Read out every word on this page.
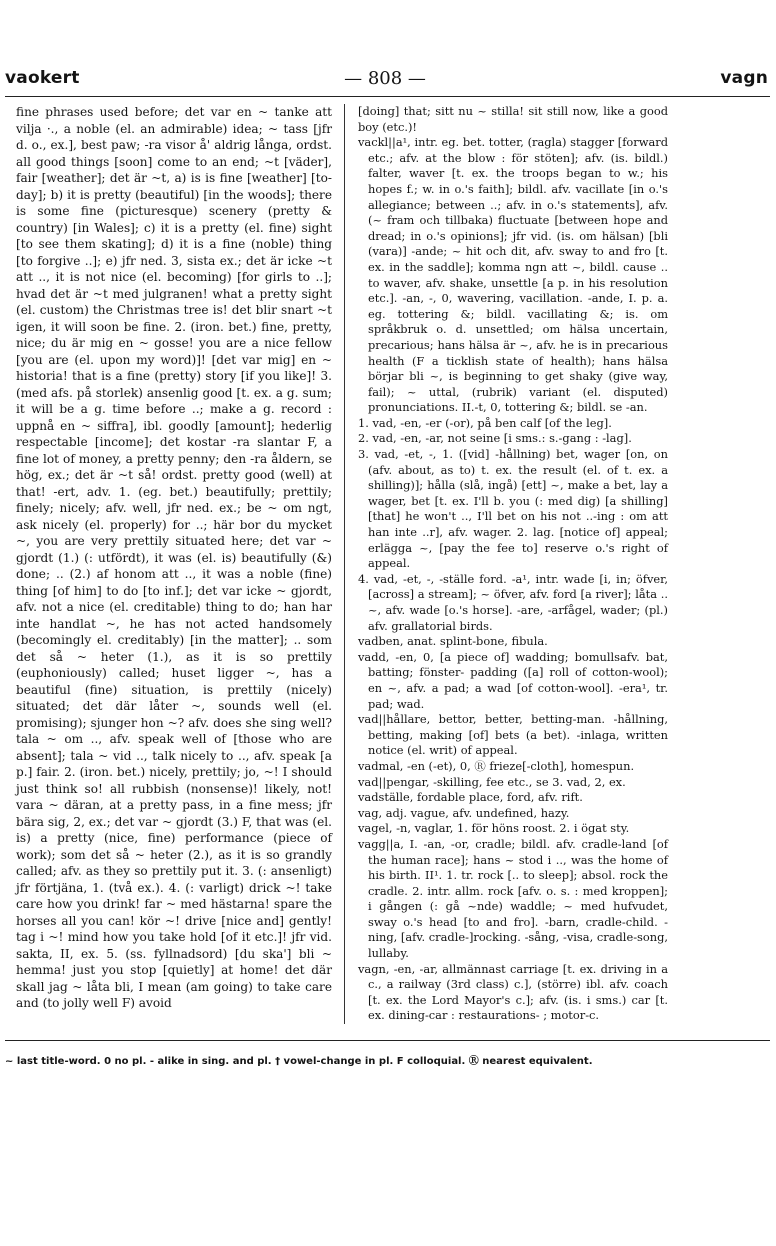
vaokert	— 808 —	vagn

fine phrases used before; det var en ~ tanke att vilja ·., a noble (el. an admirable) idea; ~ tass [jfr d. o., ex.], best paw; -ra visor å' aldrig långa, ordst. all good things [soon] come to an end; ~t [väder], fair [weather]; det är ~t, a) is is fine [weather] [to-day]; b) it is pretty (beautiful) [in the woods]; there is some fine (picturesque) scenery (pretty & country) [in Wales]; c) it is a pretty (el. fine) sight [to see them skating]; d) it is a fine (noble) thing [to forgive ..]; e) jfr ned. 3, sista ex.; det är icke ~t att .., it is not nice (el. becoming) [for girls to ..]; hvad det är ~t med julgranen! what a pretty sight (el. custom) the Christmas tree is! det blir snart ~t igen, it will soon be fine. 2. (iron. bet.) fine, pretty, nice; du är mig en ~ gosse! you are a nice fellow [you are (el. upon my word)]! [det var mig] en ~ historia! that is a fine (pretty) story [if you like]! 3. (med afs. på storlek) ansenlig good [t. ex. a g. sum; it will be a g. time before ..; make a g. record : uppnå en ~ siffra], ibl. goodly [amount]; hederlig respectable [income]; det kostar -ra slantar F, a fine lot of money, a pretty penny; den -ra åldern, se hög, ex.; det är ~t så! ordst. pretty good (well) at that! -ert, adv. 1. (eg. bet.) beautifully; prettily; finely; nicely; afv. well, jfr ned. ex.; be ~ om ngt, ask nicely (el. properly) for ..; här bor du mycket ~, you are very prettily situated here; det var ~ gjordt (1.) (: utfördt), it was (el. is) beautifully (&) done; .. (2.) af honom att .., it was a noble (fine) thing [of him] to do [to inf.]; det var icke ~ gjordt, afv. not a nice (el. creditable) thing to do; han har inte handlat ~, he has not acted handsomely (becomingly el. creditably) [in the matter]; .. som det så ~ heter (1.), as it is so prettily (euphoniously) called; huset ligger ~, has a beautiful (fine) situation, is prettily (nicely) situated; det där låter ~, sounds well (el. promising); sjunger hon ~? afv. does she sing well? tala ~ om .., afv. speak well of [those who are absent]; tala ~ vid .., talk nicely to .., afv. speak [a p.] fair. 2. (iron. bet.) nicely, prettily; jo, ~! I should just think so! all rubbish (nonsense)! likely, not! vara ~ däran, at a pretty pass, in a fine mess; jfr bära sig, 2, ex.; det var ~ gjordt (3.) F, that was (el. is) a pretty (nice, fine) performance (piece of work); som det så ~ heter (2.), as it is so grandly called; afv. as they so prettily put it. 3. (: ansenligt) jfr förtjäna, 1. (två ex.). 4. (: varligt) drick ~! take care how you drink! far ~ med hästarna! spare the horses all you can! kör ~! drive [nice and] gently! tag i ~! mind how you take hold [of it etc.]! jfr vid. sakta, II, ex. 5. (ss. fyllnadsord) [du ska'] bli ~ hemma! just you stop [quietly] at home! det där skall jag ~ låta bli, I mean (am going) to take care and (to jolly well F) avoid

[doing] that; sitt nu ~ stilla! sit still now, like a good boy (etc.)!

vackl||a¹, intr. eg. bet. totter, (ragla) stagger [forward etc.; afv. at the blow : för stöten]; afv. (is. bildl.) falter, waver [t. ex. the troops began to w.; his hopes f.; w. in o.'s faith]; bildl. afv. vacillate [in o.'s allegiance; between ..; afv. in o.'s statements], afv. (~ fram och tillbaka) fluctuate [between hope and dread; in o.'s opinions]; jfr vid. (is. om hälsan) [bli (vara)] -ande; ~ hit och dit, afv. sway to and fro [t. ex. in the saddle]; komma ngn att ~, bildl. cause .. to waver, afv. shake, unsettle [a p. in his resolution etc.]. -an, -, 0, wavering, vacillation. -ande, I. p. a. eg. tottering &; bildl. vacillating &; is. om språkbruk o. d. unsettled; om hälsa uncertain, precarious; hans hälsa är ~, afv. he is in precarious health (F a ticklish state of health); hans hälsa börjar bli ~, is beginning to get shaky (give way, fail); ~ uttal, (rubrik) variant (el. disputed) pronunciations. II.-t, 0, tottering &; bildl. se -an.

1. vad, -en, -er (-or), på ben calf [of the leg].

2. vad, -en, -ar, not seine [i sms.: s.-gang : -lag].

3. vad, -et, -, 1. ([vid] -hållning) bet, wager [on, on (afv. about, as to) t. ex. the result (el. of t. ex. a shilling)]; hålla (slå, ingå) [ett] ~, make a bet, lay a wager, bet [t. ex. I'll b. you (: med dig) [a shilling] [that] he won't .., I'll bet on his not ..-ing : om att han inte ..r], afv. wager. 2. lag. [notice of] appeal; erlägga ~, [pay the fee to] reserve o.'s right of appeal.

4. vad, -et, -, -ställe ford. -a¹, intr. wade [i, in; öfver, [across] a stream]; ~ öfver, afv. ford [a river]; låta .. ~, afv. wade [o.'s horse]. -are, -arfågel, wader; (pl.) afv. grallatorial birds.

vadben, anat. splint-bone, fibula.

vadd, -en, 0, [a piece of] wadding; bomullsafv. bat, batting; fönster- padding ([a] roll of cotton-wool); en ~, afv. a pad; a wad [of cotton-wool]. -era¹, tr. pad; wad.

vad||hållare, bettor, better, betting-man. -hållning, betting, making [of] bets (a bet). -inlaga, written notice (el. writ) of appeal.

vadmal, -en (-et), 0, Ⓡ frieze[-cloth], homespun.

vad||pengar, -skilling, fee etc., se 3. vad, 2, ex.

vadställe, fordable place, ford, afv. rift.

vag, adj. vague, afv. undefined, hazy.

vagel, -n, vaglar, 1. för höns roost. 2. i ögat sty.

vagg||a, I. -an, -or, cradle; bildl. afv. cradle-land [of the human race]; hans ~ stod i .., was the home of his birth. II¹. 1. tr. rock [.. to sleep]; absol. rock the cradle. 2. intr. allm. rock [afv. o. s. : med kroppen]; i gången (: gå ~nde) waddle; ~ med hufvudet, sway o.'s head [to and fro]. -barn, cradle-child. -ning, [afv. cradle-]rocking. -sång, -visa, cradle-song, lullaby.

vagn, -en, -ar, allmännast carriage [t. ex. driving in a c., a railway (3rd class) c.], (större) ibl. afv. coach [t. ex. the Lord Mayor's c.]; afv. (is. i sms.) car [t. ex. dining-car : restaurations- ; motor-c.

~ last title-word. 0 no pl. - alike in sing. and pl. † vowel-change in pl. F colloquial. Ⓡ nearest equivalent.
